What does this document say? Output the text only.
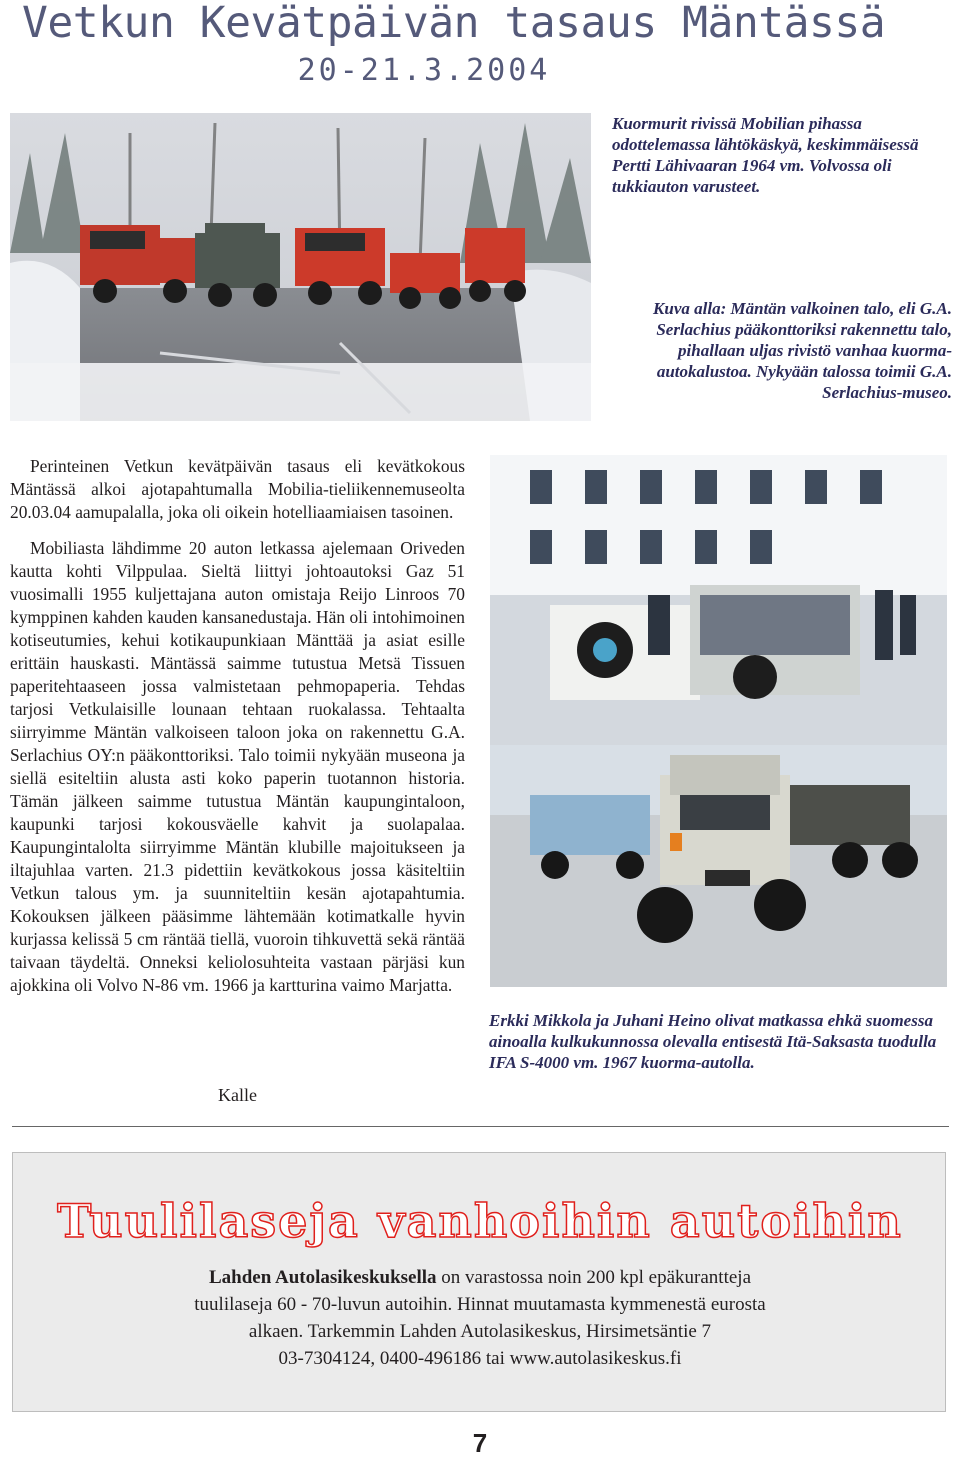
Vetkun Kevätpäivän tasaus Mäntässä
20-21.3.2004
Kuormurit rivissä Mobilian pihassa odottelemassa lähtökäskyä, keskimmäisessä Pertti Lähivaaran 1964 vm. Volvossa oli tukkiauton varusteet.
Kuva alla: Mäntän valkoinen talo, eli G.A. Serlachius pääkonttoriksi rakennettu talo, pihallaan uljas rivistö vanhaa kuorma-autokalustoa. Nykyään talossa toimii G.A. Serlachius-museo.

Perinteinen Vetkun kevätpäivän tasaus eli kevätkokous Mäntässä alkoi ajotapahtumalla Mobilia-tieliikennemuseolta 20.03.04 aamupalalla, joka oli oikein hotelliaamiaisen tasoinen.

Mobiliasta lähdimme 20 auton letkassa ajelemaan Oriveden kautta kohti Vilppulaa. Sieltä liittyi johtoautoksi Gaz 51 vuosimalli 1955 kuljettajana auton omistaja Reijo Linroos 70 kymppinen kahden kauden kansanedustaja. Hän oli intohimoinen kotiseutumies, kehui kotikaupunkiaan Mänttää ja asiat esille erittäin hauskasti. Mäntässä saimme tutustua Metsä Tissuen paperitehtaaseen jossa valmistetaan pehmopaperia. Tehdas tarjosi Vetkulaisille lounaan tehtaan ruokalassa. Tehtaalta siirryimme Mäntän valkoiseen taloon joka on rakennettu G.A. Serlachius OY:n pääkonttoriksi. Talo toimii nykyään museona ja siellä esiteltiin alusta asti koko paperin tuotannon historia. Tämän jälkeen saimme tutustua Mäntän kaupungintaloon, kaupunki tarjosi kokousväelle kahvit ja suolapalaa. Kaupungintalolta siirryimme Mäntän klubille majoitukseen ja iltajuhlaa varten. 21.3 pidettiin kevätkokous jossa käsiteltiin Vetkun talous ym. ja suunniteltiin kesän ajotapahtumia. Kokouksen jälkeen pääsimme lähtemään kotimatkalle hyvin kurjassa kelissä 5 cm räntää tiellä, vuoroin tihkuvettä sekä räntää taivaan täydeltä. Onneksi keliolosuhteita vastaan pärjäsi kun ajokkina oli Volvo N-86 vm. 1966 ja kartturina vaimo Marjatta.

Kalle
Erkki Mikkola ja Juhani Heino olivat matkassa ehkä suomessa ainoalla kulkukunnossa olevalla entisestä Itä-Saksasta tuodulla IFA S-4000 vm. 1967 kuorma-autolla.
Tuulilaseja vanhoihin autoihin
Lahden Autolasikeskuksella on varastossa noin 200 kpl epäkurantteja
tuulilaseja 60 - 70-luvun autoihin. Hinnat muutamasta kymmenestä eurosta
alkaen. Tarkemmin Lahden Autolasikeskus, Hirsimetsäntie 7
03-7304124, 0400-496186 tai www.autolasikeskus.fi
7
